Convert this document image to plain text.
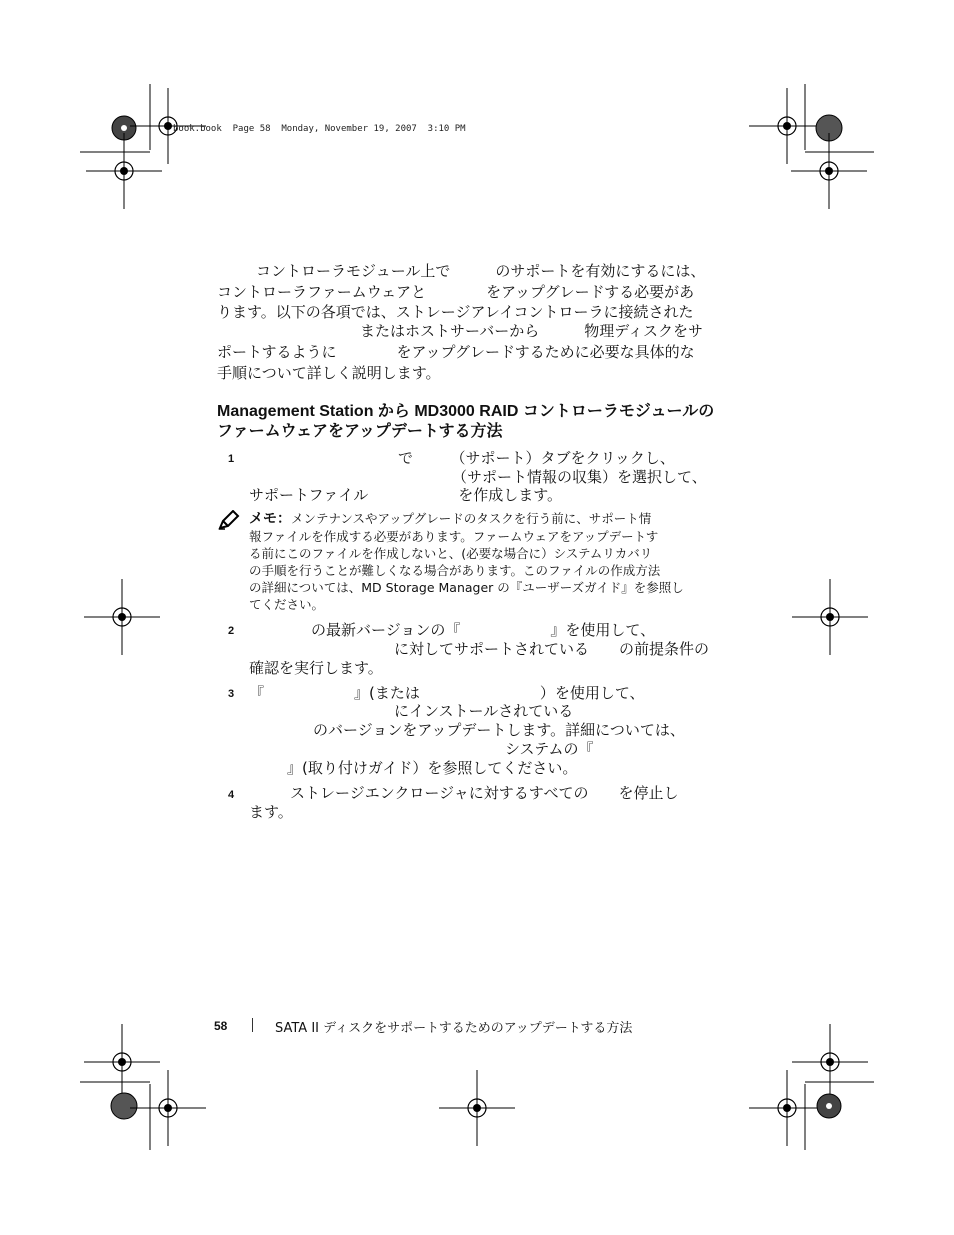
book.book  Page 58  Monday, November 19, 2007  3:10 PM
コントローラモジュール上で　　　のサポートを有効にするには、
コントローラファームウェアと　　　　をアップグレードする必要があ
ります。以下の各項では、ストレージアレイコントローラに接続された
またはホストサーバーから　　　物理ディスクをサ
ポートするように　　　　をアップグレードするために必要な具体的な
手順について詳しく説明します。
Management Station から MD3000 RAID コントローラモジュールの
ファームウェアをアップデートする方法
1	で　　　（サポート）タブをクリックし、
（サポート情報の収集）を選択して、
サポートファイル　　　　　　を作成します。
メモ：メンテナンスやアップグレードのタスクを行う前に、サポート情
報ファイルを作成する必要があります。ファームウェアをアップデートす
る前にこのファイルを作成しないと、(必要な場合に）システムリカバリ
の手順を行うことが難しくなる場合があります。このファイルの作成方法
の詳細については、MD Storage Manager の『ユーザーズガイド』を参照し
てください。
2	の最新バージョンの『　　　　　　』を使用して、
に対してサポートされている　　の前提条件の
確認を実行します。
3 『　　　　　　』(または　　　　　　　　）を使用して、
にインストールされている
のバージョンをアップデートします。詳細については、
システムの『
』(取り付けガイド）を参照してください。
4	ストレージエンクロージャに対するすべての　　を停止し
ます。
58	SATA II ディスクをサポートするためのアップデートする方法
